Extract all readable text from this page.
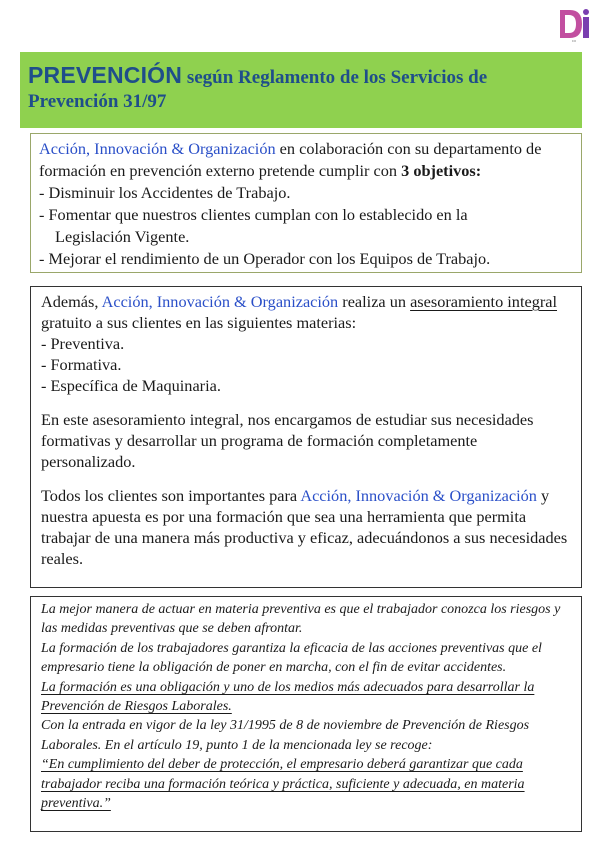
DI
PREVENCIÓN según Reglamento de los Servicios de
Prevención 31/97
Acción, Innovación & Organización en colaboración con su departamento de formación en prevención externo pretende cumplir con 3 objetivos:
- Disminuir los Accidentes de Trabajo.
- Fomentar que nuestros clientes cumplan con lo establecido en la
Legislación Vigente.
- Mejorar el rendimiento de un Operador con los Equipos de Trabajo.

Además, Acción, Innovación & Organización realiza un asesoramiento integral gratuito a sus clientes en las siguientes materias:

- Preventiva.

- Formativa.

- Específica de Maquinaria.

En este asesoramiento integral, nos encargamos de estudiar sus necesidades formativas y desarrollar un programa de formación completamente personalizado.

Todos los clientes son importantes para Acción, Innovación & Organización y nuestra apuesta es por una formación que sea una herramienta que permita trabajar de una manera más productiva y eficaz, adecuándonos a sus necesidades reales.

La mejor manera de actuar en materia preventiva es que el trabajador conozca los riesgos y las medidas preventivas que se deben afrontar.

La formación de los trabajadores garantiza la eficacia de las acciones preventivas que el empresario tiene la obligación de poner en marcha, con el fin de evitar accidentes.

La formación es una obligación y uno de los medios más adecuados para desarrollar la Prevención de Riesgos Laborales.

Con la entrada en vigor de la ley 31/1995 de 8 de noviembre de Prevención de Riesgos Laborales. En el artículo 19, punto 1 de la mencionada ley se recoge:

“En cumplimiento del deber de protección, el empresario deberá garantizar que cada trabajador reciba una formación teórica y práctica, suficiente y adecuada, en materia preventiva.”
